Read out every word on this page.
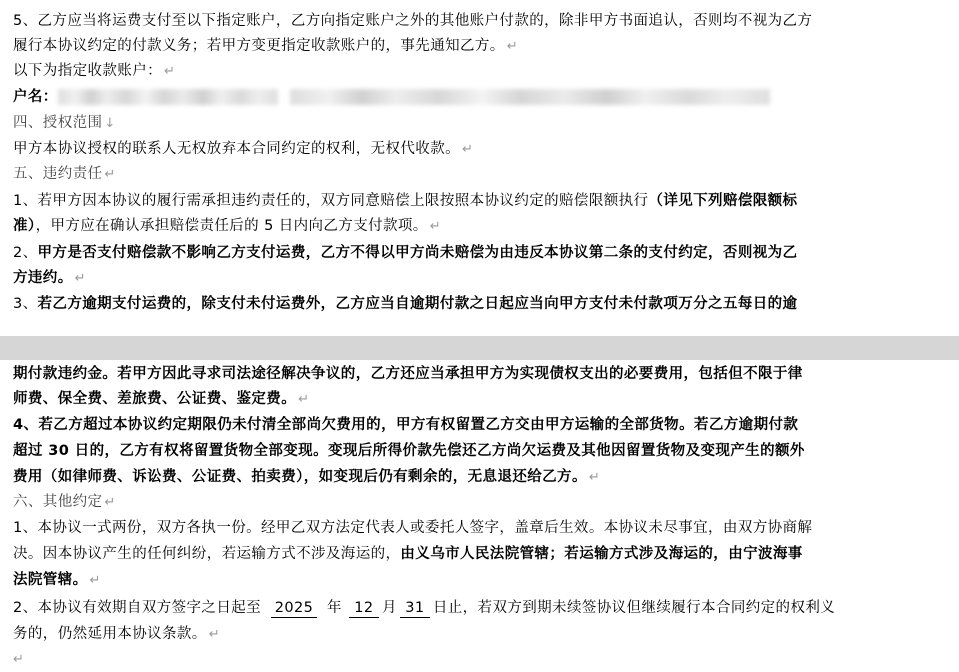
5、乙方应当将运费支付至以下指定账户，乙方向指定账户之外的其他账户付款的，除非甲方书面追认，否则均不视为乙方
履行本协议约定的付款义务；若甲方变更指定收款账户的，事先通知乙方。 ↵
以下为指定收款账户： ↵
户名：
四、授权范围 ↓
甲方本协议授权的联系人无权放弃本合同约定的权利，无权代收款。 ↵
五、违约责任 ↵
1、若甲方因本协议的履行需承担违约责任的，双方同意赔偿上限按照本协议约定的赔偿限额执行（详见下列赔偿限额标
准），甲方应在确认承担赔偿责任后的 5 日内向乙方支付款项。 ↵
2、甲方是否支付赔偿款不影响乙方支付运费，乙方不得以甲方尚未赔偿为由违反本协议第二条的支付约定，否则视为乙
方违约。 ↵
3、若乙方逾期支付运费的，除支付未付运费外，乙方应当自逾期付款之日起应当向甲方支付未付款项万分之五每日的逾
期付款违约金。若甲方因此寻求司法途径解决争议的，乙方还应当承担甲方为实现债权支出的必要费用，包括但不限于律
师费、保全费、差旅费、公证费、鉴定费。 ↵
4、若乙方超过本协议约定期限仍未付清全部尚欠费用的，甲方有权留置乙方交由甲方运输的全部货物。若乙方逾期付款
超过 30 日的，乙方有权将留置货物全部变现。变现后所得价款先偿还乙方尚欠运费及其他因留置货物及变现产生的额外
费用（如律师费、诉讼费、公证费、拍卖费），如变现后仍有剩余的，无息退还给乙方。 ↵
六、其他约定 ↵
1、本协议一式两份，双方各执一份。经甲乙双方法定代表人或委托人签字，盖章后生效。本协议未尽事宜，由双方协商解
决。因本协议产生的任何纠纷，若运输方式不涉及海运的，由义乌市人民法院管辖；若运输方式涉及海运的，由宁波海事
法院管辖。 ↵
2、本协议有效期自双方签字之日起至 2025 年 12 月 31 日止，若双方到期未续签协议但继续履行本合同约定的权利义
务的，仍然延用本协议条款。 ↵
↵
